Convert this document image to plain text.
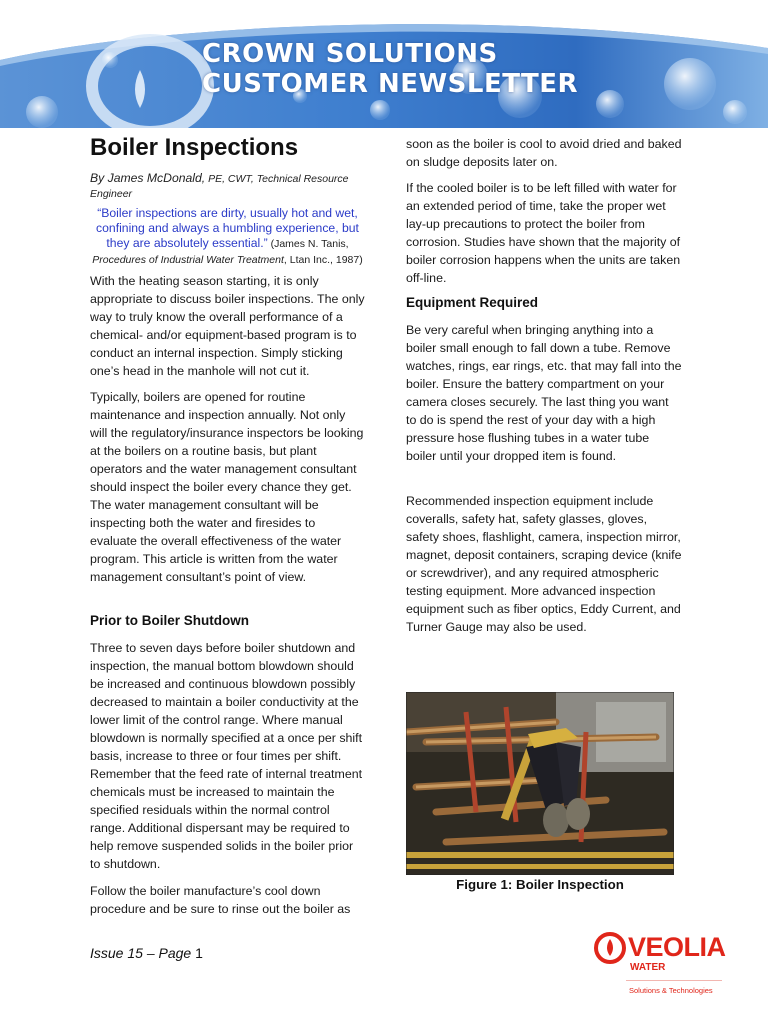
CROWN SOLUTIONS
CUSTOMER NEWSLETTER
Boiler Inspections
By James McDonald, PE, CWT, Technical Resource Engineer
“Boiler inspections are dirty, usually hot and wet, confining and always a humbling experience, but they are absolutely essential.” (James N. Tanis, Procedures of Industrial Water Treatment, Ltan Inc., 1987)

With the heating season starting, it is only appropriate to discuss boiler inspections. The only way to truly know the overall performance of a chemical- and/or equipment-based program is to conduct an internal inspection. Simply sticking one’s head in the manhole will not cut it.

Typically, boilers are opened for routine maintenance and inspection annually. Not only will the regulatory/insurance inspectors be looking at the boilers on a routine basis, but plant operators and the water management consultant should inspect the boiler every chance they get. The water management consultant will be inspecting both the water and firesides to evaluate the overall effectiveness of the water program. This article is written from the water management consultant’s point of view.

Prior to Boiler Shutdown

Three to seven days before boiler shutdown and inspection, the manual bottom blowdown should be increased and continuous blowdown possibly decreased to maintain a boiler conductivity at the lower limit of the control range. Where manual blowdown is normally specified at a once per shift basis, increase to three or four times per shift. Remember that the feed rate of internal treatment chemicals must be increased to maintain the specified residuals within the normal control range. Additional dispersant may be required to help remove suspended solids in the boiler prior to shutdown.

Follow the boiler manufacture’s cool down procedure and be sure to rinse out the boiler as

soon as the boiler is cool to avoid dried and baked on sludge deposits later on.

If the cooled boiler is to be left filled with water for an extended period of time, take the proper wet lay-up precautions to protect the boiler from corrosion. Studies have shown that the majority of boiler corrosion happens when the units are taken off-line.

Equipment Required

Be very careful when bringing anything into a boiler small enough to fall down a tube. Remove watches, rings, ear rings, etc. that may fall into the boiler. Ensure the battery compartment on your camera closes securely. The last thing you want to do is spend the rest of your day with a high pressure hose flushing tubes in a water tube boiler until your dropped item is found.

Recommended inspection equipment include coveralls, safety hat, safety glasses, gloves, safety shoes, flashlight, camera, inspection mirror, magnet, deposit containers, scraping device (knife or screwdriver), and any required atmospheric testing equipment. More advanced inspection equipment such as fiber optics, Eddy Current, and Turner Gauge may also be used.

Figure 1: Boiler Inspection
Issue 15 – Page 1	VEOLIA
WATER
Solutions & Technologies
